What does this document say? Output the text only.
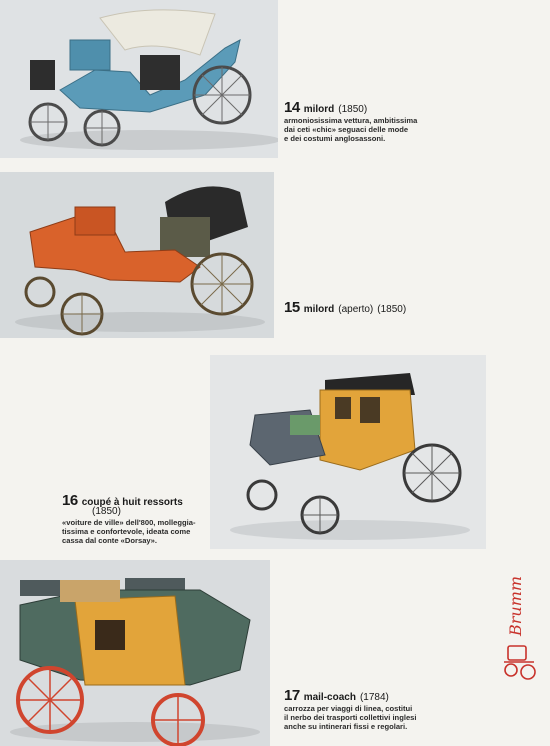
14 milord (1850)
armoniosissima vettura, ambitissima
dai ceti «chic» seguaci delle mode
e dei costumi anglosassoni.
15 milord (aperto) (1850)
16 coupé à huit ressorts
(1850)
«voiture de ville» dell'800, molleggia-
tissima e confortevole, ideata come
cassa dal conte «Dorsay».
17 mail-coach (1784)
carrozza per viaggi di linea, costitui
il nerbo dei trasporti collettivi inglesi
anche su intinerari fissi e regolari.
Brumm
